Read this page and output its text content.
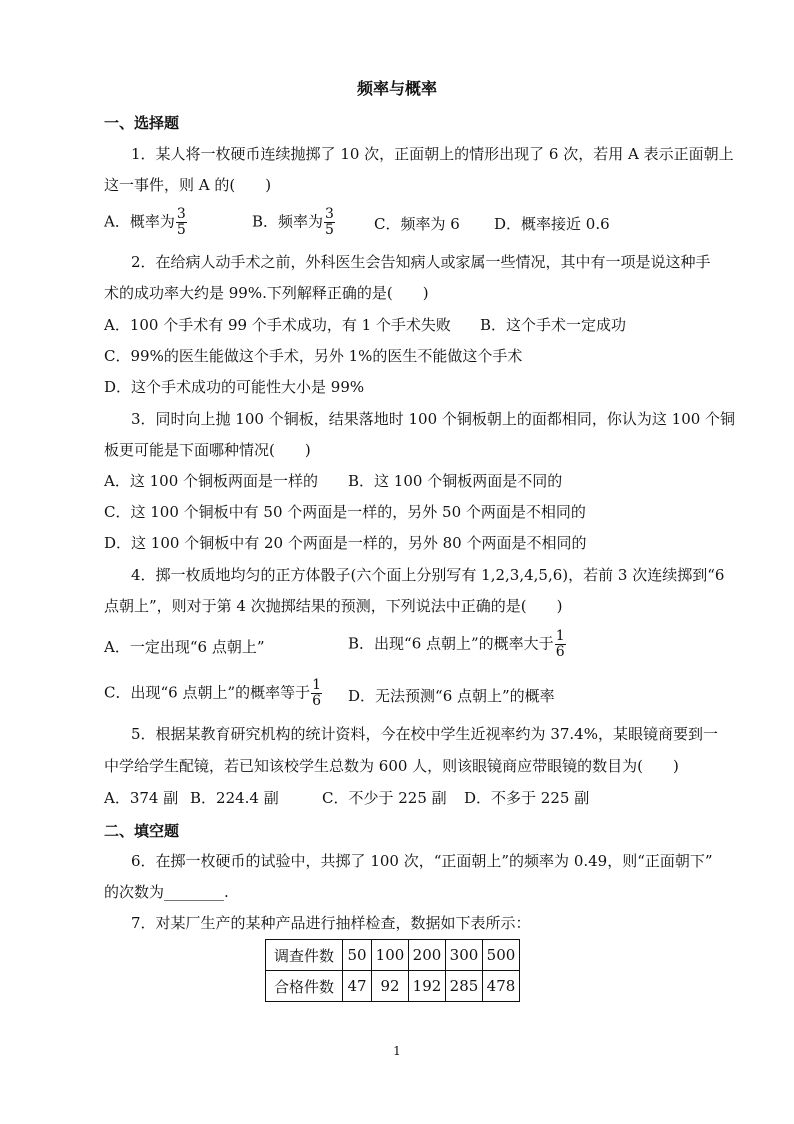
频率与概率
一、选择题
1．某人将一枚硬币连续抛掷了 10 次，正面朝上的情形出现了 6 次，若用 A 表示正面朝上
这一事件，则 A 的(　　)
A．概率为 $\frac{3}{5}$	B．频率为 $\frac{3}{5}$	C．频率为 6 D．概率接近 0.6
2．在给病人动手术之前，外科医生会告知病人或家属一些情况，其中有一项是说这种手
术的成功率大约是 99%.下列解释正确的是(　　)
A．100 个手术有 99 个手术成功，有 1 个手术失败 B．这个手术一定成功
C．99%的医生能做这个手术，另外 1%的医生不能做这个手术
D．这个手术成功的可能性大小是 99%
3．同时向上抛 100 个铜板，结果落地时 100 个铜板朝上的面都相同，你认为这 100 个铜
板更可能是下面哪种情况(　　)
A．这 100 个铜板两面是一样的 B．这 100 个铜板两面是不同的
C．这 100 个铜板中有 50 个两面是一样的，另外 50 个两面是不相同的
D．这 100 个铜板中有 20 个两面是一样的，另外 80 个两面是不相同的
4．掷一枚质地均匀的正方体骰子(六个面上分别写有 1,2,3,4,5,6)，若前 3 次连续掷到“6
点朝上”，则对于第 4 次抛掷结果的预测，下列说法中正确的是(　　)
A．一定出现“6 点朝上”	B．出现“6 点朝上”的概率大于 $\frac{1}{6}$
C．出现“6 点朝上”的概率等于 $\frac{1}{6}$ D．无法预测“6 点朝上”的概率
5．根据某教育研究机构的统计资料，今在校中学生近视率约为 37.4%，某眼镜商要到一
中学给学生配镜，若已知该校学生总数为 600 人，则该眼镜商应带眼镜的数目为(　　)
A．374 副 B．224.4 副	C．不少于 225 副 D．不多于 225 副
二、填空题
6．在掷一枚硬币的试验中，共掷了 100 次，“正面朝上”的频率为 0.49，则“正面朝下”
的次数为________.
7．对某厂生产的某种产品进行抽样检查，数据如下表所示：
调查件数	50	100	200	300	500
合格件数	47	92	192	285	478
1
